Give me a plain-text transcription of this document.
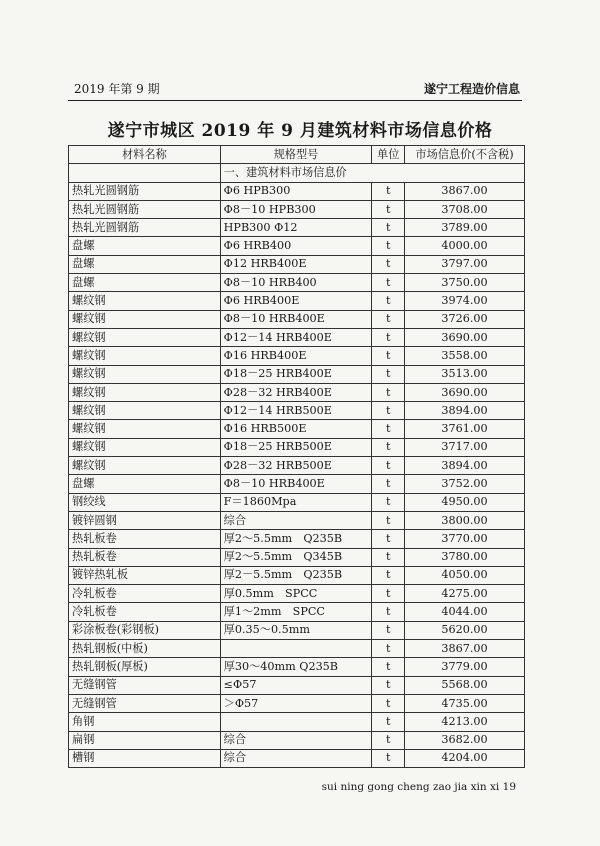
2019 年第 9 期	遂宁工程造价信息
遂宁市城区 2019 年 9 月建筑材料市场信息价格
材料名称	规格型号	单位	市场信息价(不含税)
	一、建筑材料市场信息价		
热轧光圆钢筋	Φ6 HPB300	t	3867.00
热轧光圆钢筋	Φ8－10 HPB300	t	3708.00
热轧光圆钢筋	HPB300 Φ12	t	3789.00
盘螺	Φ6 HRB400	t	4000.00
盘螺	Φ12 HRB400E	t	3797.00
盘螺	Φ8－10 HRB400	t	3750.00
螺纹钢	Φ6 HRB400E	t	3974.00
螺纹钢	Φ8－10 HRB400E	t	3726.00
螺纹钢	Φ12－14 HRB400E	t	3690.00
螺纹钢	Φ16 HRB400E	t	3558.00
螺纹钢	Φ18－25 HRB400E	t	3513.00
螺纹钢	Φ28－32 HRB400E	t	3690.00
螺纹钢	Φ12－14 HRB500E	t	3894.00
螺纹钢	Φ16 HRB500E	t	3761.00
螺纹钢	Φ18－25 HRB500E	t	3717.00
螺纹钢	Φ28－32 HRB500E	t	3894.00
盘螺	Φ8－10 HRB400E	t	3752.00
钢绞线	F＝1860Mpa	t	4950.00
镀锌圆钢	综合	t	3800.00
热轧板卷	厚2～5.5mm　Q235B	t	3770.00
热轧板卷	厚2～5.5mm　Q345B	t	3780.00
镀锌热轧板	厚2－5.5mm　Q235B	t	4050.00
冷轧板卷	厚0.5mm　SPCC	t	4275.00
冷轧板卷	厚1～2mm　SPCC	t	4044.00
彩涂板卷(彩钢板)	厚0.35～0.5mm	t	5620.00
热轧钢板(中板)		t	3867.00
热轧钢板(厚板)	厚30～40mm Q235B	t	3779.00
无缝钢管	≤Φ57	t	5568.00
无缝钢管	＞Φ57	t	4735.00
角钢		t	4213.00
扁钢	综合	t	3682.00
槽钢	综合	t	4204.00
sui ning gong cheng zao jia xin xi 19
